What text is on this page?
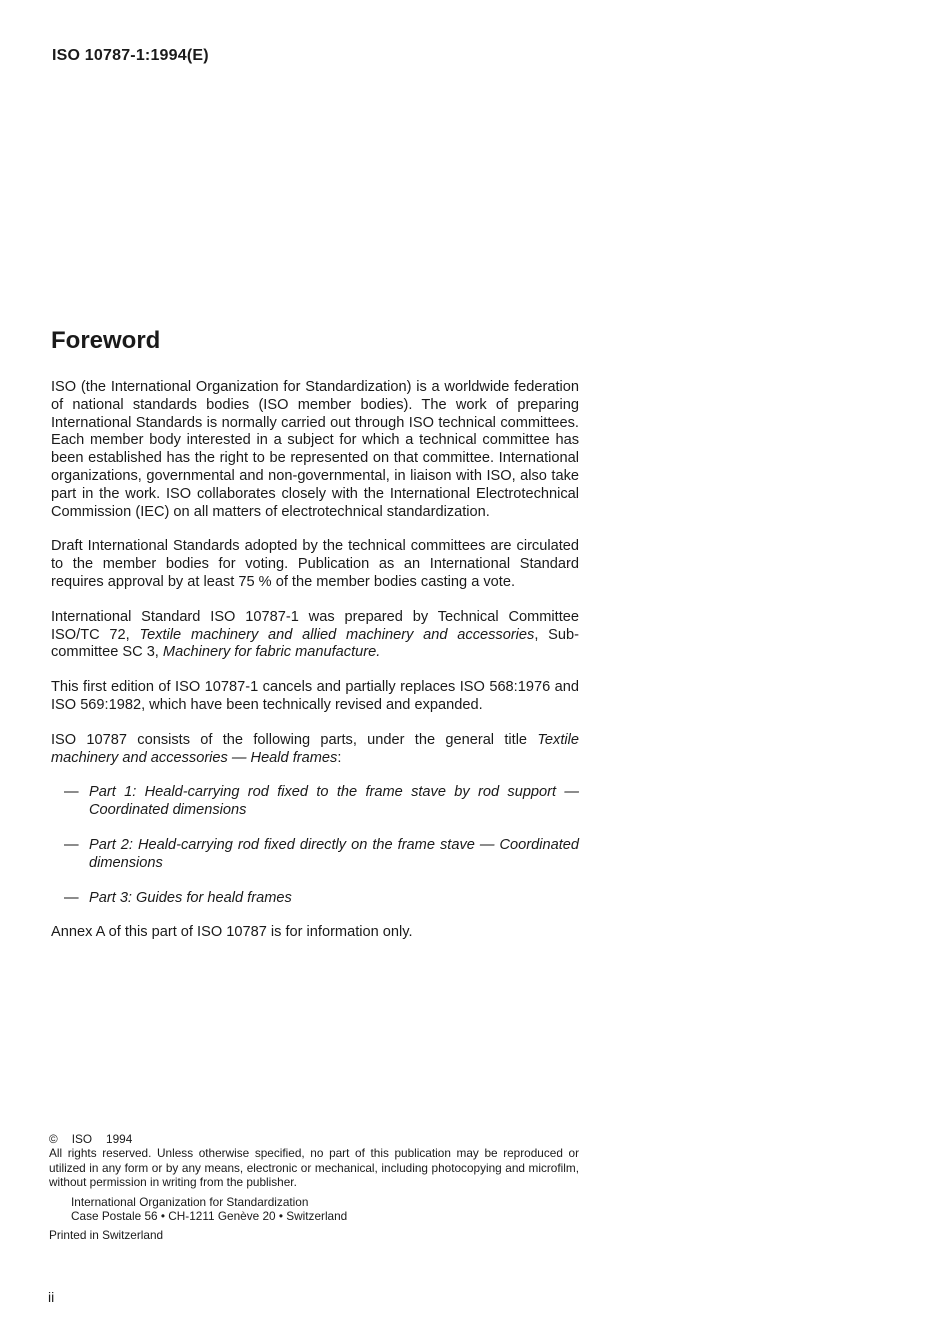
ISO 10787-1:1994(E)
Foreword

ISO (the International Organization for Standardization) is a worldwide federation of national standards bodies (ISO member bodies). The work of preparing International Standards is normally carried out through ISO technical committees. Each member body interested in a subject for which a technical committee has been established has the right to be represented on that committee. International organizations, governmental and non-governmental, in liaison with ISO, also take part in the work. ISO collaborates closely with the International Electrotechnical Commission (IEC) on all matters of electrotechnical standardization.

Draft International Standards adopted by the technical committees are circulated to the member bodies for voting. Publication as an International Standard requires approval by at least 75 % of the member bodies casting a vote.

International Standard ISO 10787-1 was prepared by Technical Committee ISO/TC 72, Textile machinery and allied machinery and accessories, Sub-committee SC 3, Machinery for fabric manufacture.

This first edition of ISO 10787-1 cancels and partially replaces ISO 568:1976 and ISO 569:1982, which have been technically revised and expanded.

ISO 10787 consists of the following parts, under the general title Textile machinery and accessories — Heald frames:

— Part 1: Heald-carrying rod fixed to the frame stave by rod support — Coordinated dimensions
— Part 2: Heald-carrying rod fixed directly on the frame stave — Coordinated dimensions
— Part 3: Guides for heald frames

Annex A of this part of ISO 10787 is for information only.

© ISO 1994

All rights reserved. Unless otherwise specified, no part of this publication may be reproduced or utilized in any form or by any means, electronic or mechanical, including photocopying and microfilm, without permission in writing from the publisher.

International Organization for Standardization
Case Postale 56 • CH-1211 Genève 20 • Switzerland

Printed in Switzerland

ii
